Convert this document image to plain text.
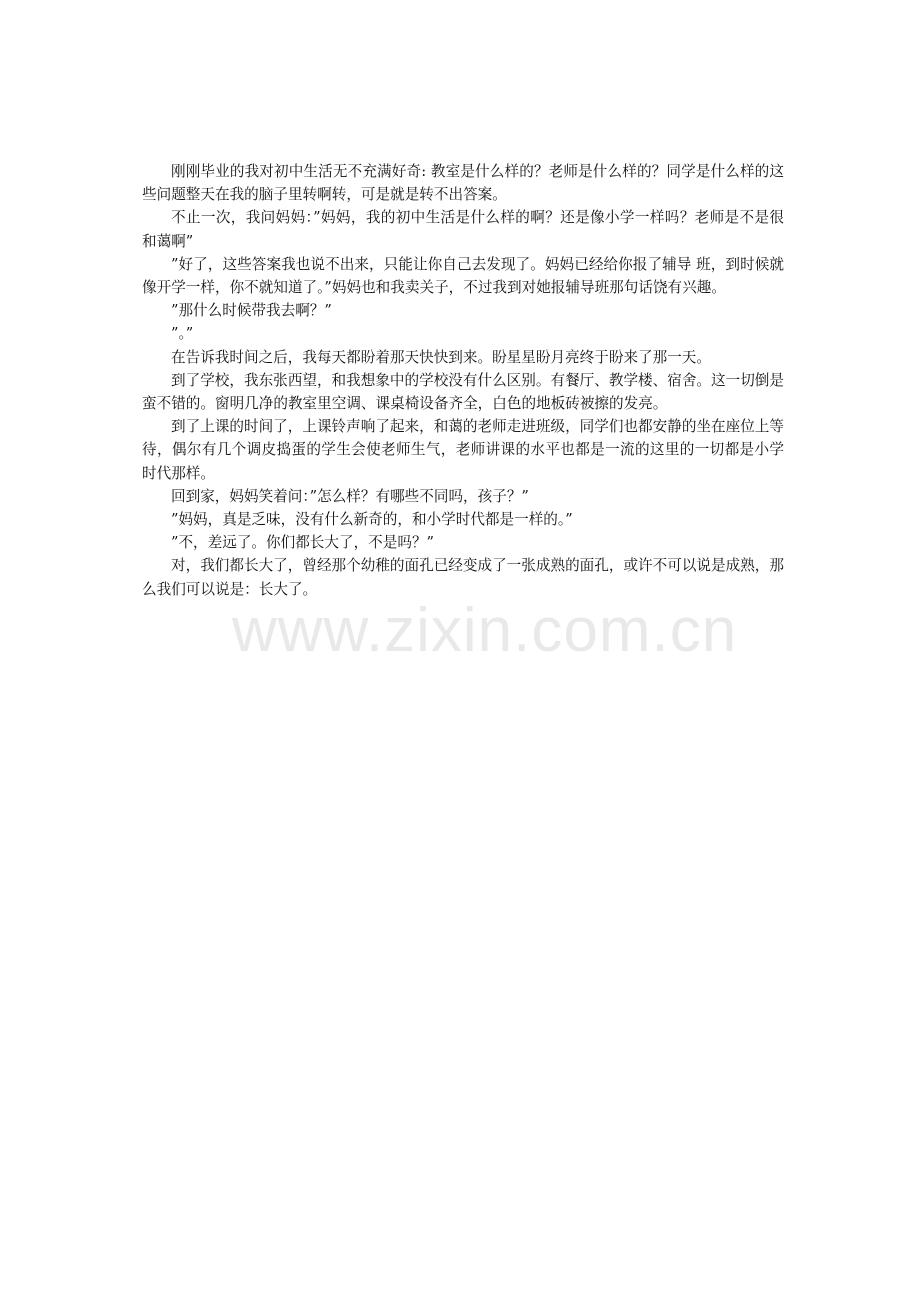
刚刚毕业的我对初中生活无不充满好奇: 教室是什么样的？老师是什么样的？同学是什么样的这些问题整天在我的脑子里转啊转，可是就是转不出答案。

不止一次，我问妈妈：”妈妈，我的初中生活是什么样的啊？还是像小学一样吗？老师是不是很和蔼啊”

”好了，这些答案我也说不出来，只能让你自己去发现了。妈妈已经给你报了辅导 班，到时候就像开学一样，你不就知道了。”妈妈也和我卖关子，不过我到对她报辅导班那句话饶有兴趣。

”那什么时候带我去啊？”

”。”

在告诉我时间之后，我每天都盼着那天快快到来。盼星星盼月亮终于盼来了那一天。

到了学校，我东张西望，和我想象中的学校没有什么区别。有餐厅、教学楼、宿舍。这一切倒是蛮不错的。窗明几净的教室里空调、课桌椅设备齐全，白色的地板砖被擦的发亮。

到了上课的时间了，上课铃声响了起来，和蔼的老师走进班级，同学们也都安静的坐在座位上等待，偶尔有几个调皮捣蛋的学生会使老师生气，老师讲课的水平也都是一流的这里的一切都是小学时代那样。

回到家，妈妈笑着问：”怎么样？有哪些不同吗，孩子？”

”妈妈，真是乏味，没有什么新奇的，和小学时代都是一样的。”

”不，差远了。你们都长大了，不是吗？”

对，我们都长大了，曾经那个幼稚的面孔已经变成了一张成熟的面孔，或许不可以说是成熟，那么我们可以说是：长大了。

www.zixin.com.cn
